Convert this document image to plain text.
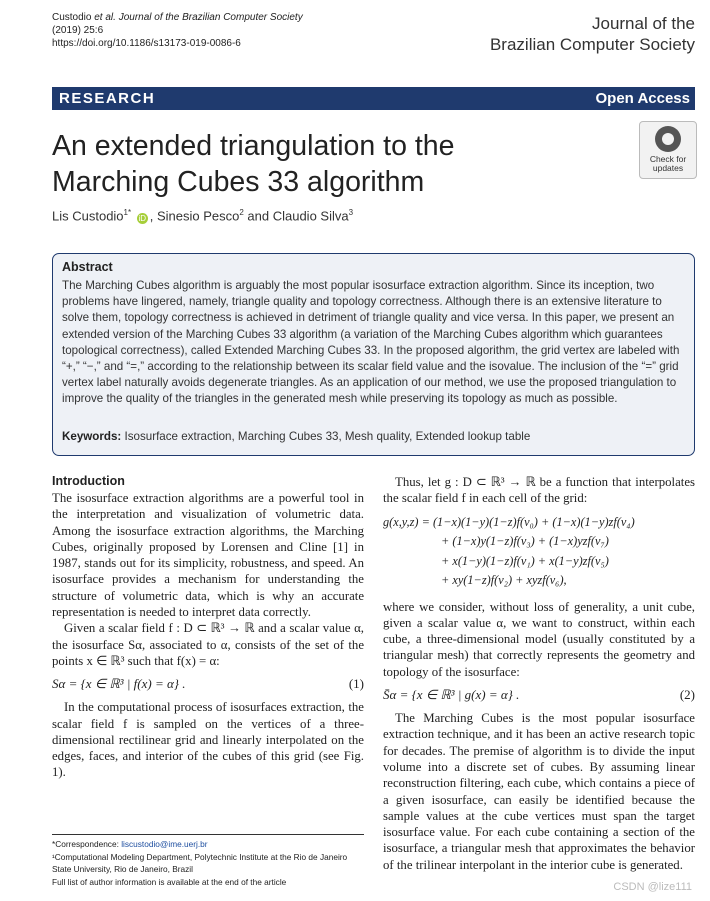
Custodio et al. Journal of the Brazilian Computer Society (2019) 25:6
https://doi.org/10.1186/s13173-019-0086-6
Journal of the
Brazilian Computer Society
RESEARCH	Open Access
An extended triangulation to the
Marching Cubes 33 algorithm
Check for
updates
Lis Custodio$^{1*}$ iD , Sinesio Pesco$^2$ and Claudio Silva$^3$
Abstract
The Marching Cubes algorithm is arguably the most popular isosurface extraction algorithm. Since its inception, two problems have lingered, namely, triangle quality and topology correctness. Although there is an extensive literature to solve them, topology correctness is achieved in detriment of triangle quality and vice versa. In this paper, we present an extended version of the Marching Cubes 33 algorithm (a variation of the Marching Cubes algorithm which guarantees topological correctness), called Extended Marching Cubes 33. In the proposed algorithm, the grid vertex are labeled with “+,” “−,” and “=,” according to the relationship between its scalar field value and the isovalue. The inclusion of the “=” grid vertex label naturally avoids degenerate triangles. As an application of our method, we use the proposed triangulation to improve the quality of the triangles in the generated mesh while preserving its topology as much as possible.
Keywords: Isosurface extraction, Marching Cubes 33, Mesh quality, Extended lookup table
Introduction

The isosurface extraction algorithms are a powerful tool in the interpretation and visualization of volumetric data. Among the isosurface extraction algorithms, the Marching Cubes, originally proposed by Lorensen and Cline [1] in 1987, stands out for its simplicity, robustness, and speed. An isosurface provides a mechanism for understanding the structure of volumetric data, which is why an accurate representation is needed to interpret data correctly.

Given a scalar field f : D ⊂ ℝ³ → ℝ and a scalar value α, the isosurface Sα, associated to α, consists of the set of the points x ∈ ℝ³ such that f(x) = α:

Sα = {x ∈ ℝ³ | f(x) = α} .	(1)

In the computational process of isosurfaces extraction, the scalar field f is sampled on the vertices of a three-dimensional rectilinear grid and linearly interpolated on the edges, faces, and interior of the cubes of this grid (see Fig. 1).

Thus, let g : D ⊂ ℝ³ → ℝ be a function that interpolates the scalar field f in each cell of the grid:

g(x,y,z) = (1−x)(1−y)(1−z)f(v₀) + (1−x)(1−y)zf(v₄)
+ (1−x)y(1−z)f(v₃) + (1−x)yzf(v₇)
+ x(1−y)(1−z)f(v₁) + x(1−y)zf(v₅)
+ xy(1−z)f(v₂) + xyzf(v₆),

where we consider, without loss of generality, a unit cube, given a scalar value α, we want to construct, within each cube, a three-dimensional model (usually constituted by a triangular mesh) that correctly represents the geometry and topology of the isosurface:

S̄α = {x ∈ ℝ³ | g(x) = α} .	(2)

The Marching Cubes is the most popular isosurface extraction technique, and it has been an active research topic for decades. The premise of algorithm is to divide the input volume into a discrete set of cubes. By assuming linear reconstruction filtering, each cube, which contains a piece of a given isosurface, can easily be identified because the sample values at the cube vertices must span the target isosurface value. For each cube containing a section of the isosurface, a triangular mesh that approximates the behavior of the trilinear interpolant in the interior cube is generated.

*Correspondence: liscustodio@ime.uerj.br
¹Computational Modeling Department, Polytechnic Institute at the Rio de Janeiro State University, Rio de Janeiro, Brazil
Full list of author information is available at the end of the article	CSDN @lize111
